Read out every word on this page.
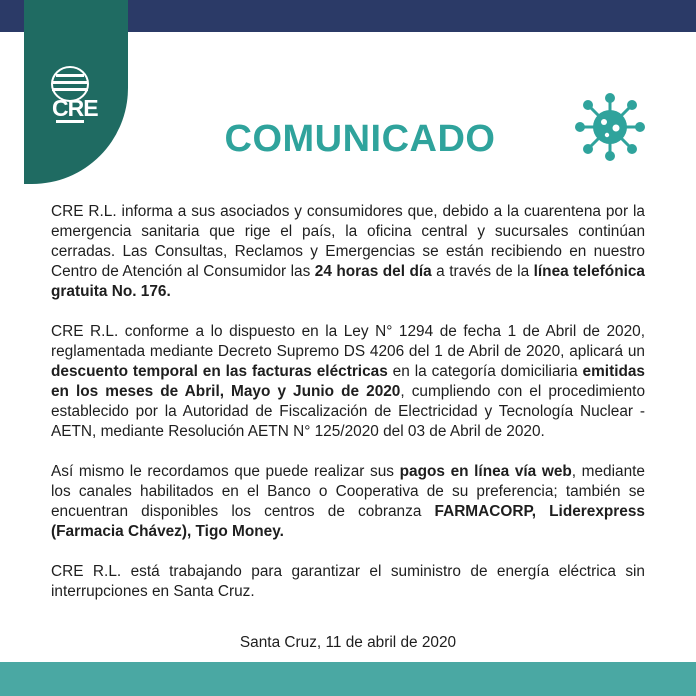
CRE
COMUNICADO

CRE R.L. informa a sus asociados y consumidores que, debido a la cuarentena por la emergencia sanitaria que rige el país, la oficina central y sucursales continúan cerradas. Las Consultas, Reclamos y Emergencias se están recibiendo en nuestro Centro de Atención al Consumidor las 24 horas del día a través de la línea telefónica gratuita No. 176.

CRE R.L. conforme a lo dispuesto en la Ley N° 1294 de fecha 1 de Abril de 2020, reglamentada mediante Decreto Supremo DS 4206 del 1 de Abril de 2020, aplicará un descuento temporal en las facturas eléctricas en la categoría domiciliaria emitidas en los meses de Abril, Mayo y Junio de 2020, cumpliendo con el procedimiento establecido por la Autoridad de Fiscalización de Electricidad y Tecnología Nuclear - AETN, mediante Resolución AETN N° 125/2020 del 03 de Abril de 2020.

Así mismo le recordamos que puede realizar sus pagos en línea vía web, mediante los canales habilitados en el Banco o Cooperativa de su preferencia; también se encuentran disponibles los centros de cobranza FARMACORP, Liderexpress (Farmacia Chávez), Tigo Money.

CRE R.L. está trabajando para garantizar el suministro de energía eléctrica sin interrupciones en Santa Cruz.

Santa Cruz, 11 de abril de 2020
